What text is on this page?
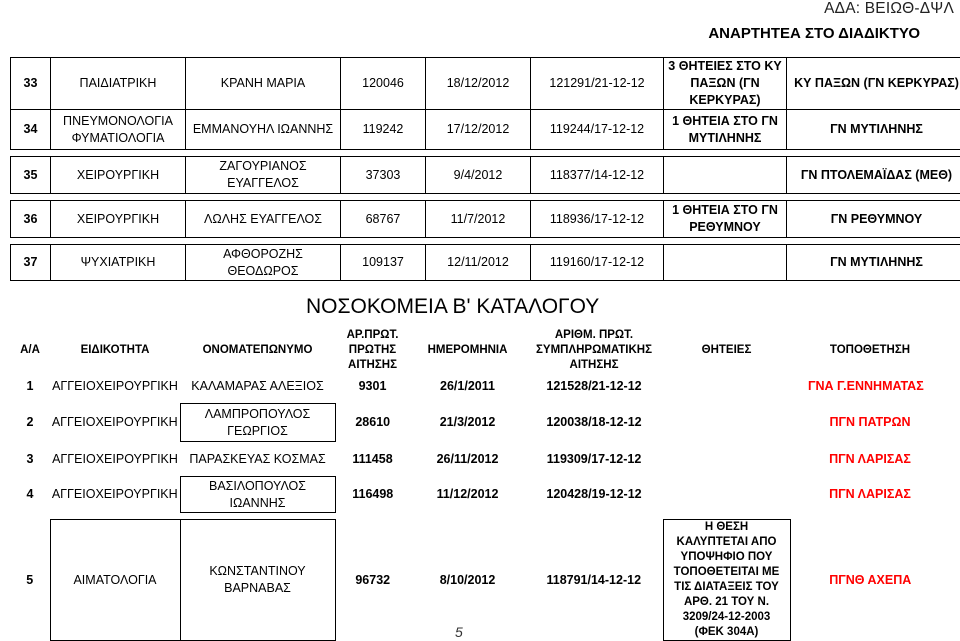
ΑΔΑ: ΒΕΙΩΘ-ΔΨΛ
ΑΝΑΡΤΗΤΕΑ ΣΤΟ ΔΙΑΔΙΚΤΥΟ
33	ΠΑΙΔΙΑΤΡΙΚΗ	ΚΡΑΝΗ ΜΑΡΙΑ	120046	18/12/2012	121291/21-12-12	3 ΘΗΤΕΙΕΣ ΣΤΟ ΚΥ ΠΑΞΩΝ (ΓΝ ΚΕΡΚΥΡΑΣ)	ΚΥ ΠΑΞΩΝ (ΓΝ ΚΕΡΚΥΡΑΣ)
34	ΠΝΕΥΜΟΝΟΛΟΓΙΑ ΦΥΜΑΤΙΟΛΟΓΙΑ	ΕΜΜΑΝΟΥΗΛ ΙΩΑΝΝΗΣ	119242	17/12/2012	119244/17-12-12	1 ΘΗΤΕΙΑ ΣΤΟ ΓΝ ΜΥΤΙΛΗΝΗΣ	ΓΝ ΜΥΤΙΛΗΝΗΣ

35	ΧΕΙΡΟΥΡΓΙΚΗ	ΖΑΓΟΥΡΙΑΝΟΣ ΕΥΑΓΓΕΛΟΣ	37303	9/4/2012	118377/14-12-12		ΓΝ ΠΤΟΛΕΜΑΪΔΑΣ (ΜΕΘ)

36	ΧΕΙΡΟΥΡΓΙΚΗ	ΛΩΛΗΣ ΕΥΑΓΓΕΛΟΣ	68767	11/7/2012	118936/17-12-12	1 ΘΗΤΕΙΑ ΣΤΟ ΓΝ ΡΕΘΥΜΝΟΥ	ΓΝ ΡΕΘΥΜΝΟΥ

37	ΨΥΧΙΑΤΡΙΚΗ	ΑΦΘΟΡΟΖΗΣ ΘΕΟΔΩΡΟΣ	109137	12/11/2012	119160/17-12-12		ΓΝ ΜΥΤΙΛΗΝΗΣ
ΝΟΣΟΚΟΜΕΙΑ Β' ΚΑΤΑΛΟΓΟΥ
Α/Α	ΕΙΔΙΚΟΤΗΤΑ	ΟΝΟΜΑΤΕΠΩΝΥΜΟ	ΑΡ.ΠΡΩΤ. ΠΡΩΤΗΣ ΑΙΤΗΣΗΣ	ΗΜΕΡΟΜΗΝΙΑ	ΑΡΙΘΜ. ΠΡΩΤ. ΣΥΜΠΛΗΡΩΜΑΤΙΚΗΣ ΑΙΤΗΣΗΣ	ΘΗΤΕΙΕΣ	ΤΟΠΟΘΕΤΗΣΗ
1	ΑΓΓΕΙΟΧΕΙΡΟΥΡΓΙΚΗ	ΚΑΛΑΜΑΡΑΣ ΑΛΕΞΙΟΣ	9301	26/1/2011	121528/21-12-12		ΓΝΑ Γ.ΕΝΝΗΜΑΤΑΣ

2	ΑΓΓΕΙΟΧΕΙΡΟΥΡΓΙΚΗ	ΛΑΜΠΡΟΠΟΥΛΟΣ ΓΕΩΡΓΙΟΣ	28610	21/3/2012	120038/18-12-12		ΠΓΝ ΠΑΤΡΩΝ

3	ΑΓΓΕΙΟΧΕΙΡΟΥΡΓΙΚΗ	ΠΑΡΑΣΚΕΥΑΣ ΚΟΣΜΑΣ	111458	26/11/2012	119309/17-12-12		ΠΓΝ ΛΑΡΙΣΑΣ

4	ΑΓΓΕΙΟΧΕΙΡΟΥΡΓΙΚΗ	ΒΑΣΙΛΟΠΟΥΛΟΣ ΙΩΑΝΝΗΣ	116498	11/12/2012	120428/19-12-12		ΠΓΝ ΛΑΡΙΣΑΣ

5	ΑΙΜΑΤΟΛΟΓΙΑ	ΚΩΝΣΤΑΝΤΙΝΟΥ ΒΑΡΝΑΒΑΣ	96732	8/10/2012	118791/14-12-12	Η ΘΕΣΗ ΚΑΛΥΠΤΕΤΑΙ ΑΠΟ ΥΠΟΨΗΦΙΟ ΠΟΥ ΤΟΠΟΘΕΤΕΙΤΑΙ ΜΕ ΤΙΣ ΔΙΑΤΑΞΕΙΣ ΤΟΥ ΑΡΘ. 21 ΤΟΥ Ν. 3209/24-12-2003 (ΦΕΚ 304Α)	ΠΓΝΘ ΑΧΕΠΑ
5
